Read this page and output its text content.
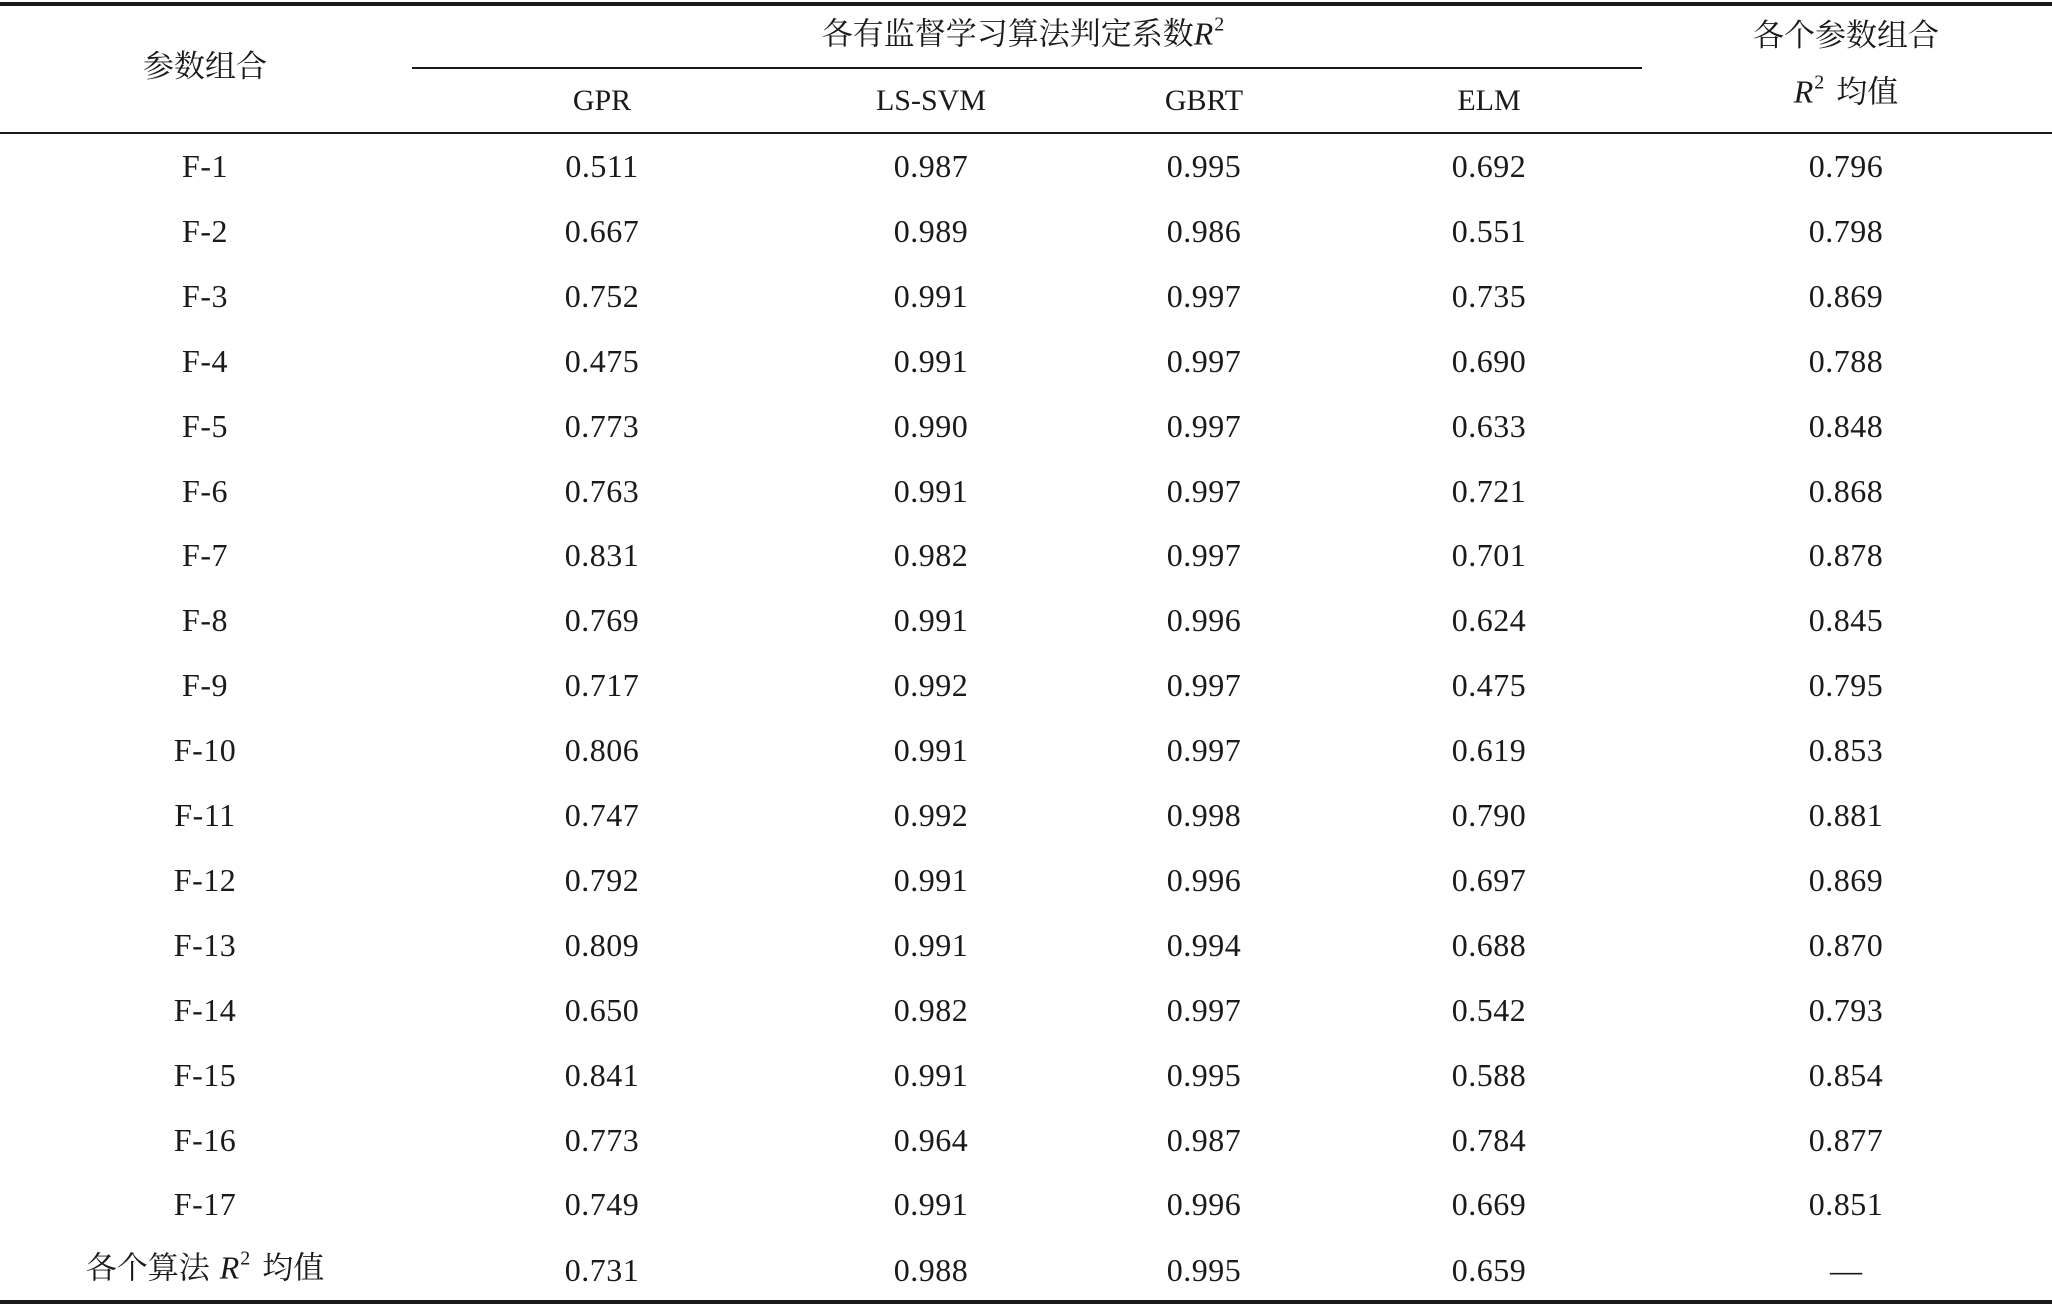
参数组合
各有监督学习算法判定系数$R^2$	各个参数组合
$R^2$ 均值
GPR	LS-SVM	GBRT	ELM
F-1	0.511	0.987	0.995	0.692	0.796
F-2	0.667	0.989	0.986	0.551	0.798
F-3	0.752	0.991	0.997	0.735	0.869
F-4	0.475	0.991	0.997	0.690	0.788
F-5	0.773	0.990	0.997	0.633	0.848
F-6	0.763	0.991	0.997	0.721	0.868
F-7	0.831	0.982	0.997	0.701	0.878
F-8	0.769	0.991	0.996	0.624	0.845
F-9	0.717	0.992	0.997	0.475	0.795
F-10	0.806	0.991	0.997	0.619	0.853
F-11	0.747	0.992	0.998	0.790	0.881
F-12	0.792	0.991	0.996	0.697	0.869
F-13	0.809	0.991	0.994	0.688	0.870
F-14	0.650	0.982	0.997	0.542	0.793
F-15	0.841	0.991	0.995	0.588	0.854
F-16	0.773	0.964	0.987	0.784	0.877
F-17	0.749	0.991	0.996	0.669	0.851
各个算法 $R^2$ 均值	0.731	0.988	0.995	0.659	—
